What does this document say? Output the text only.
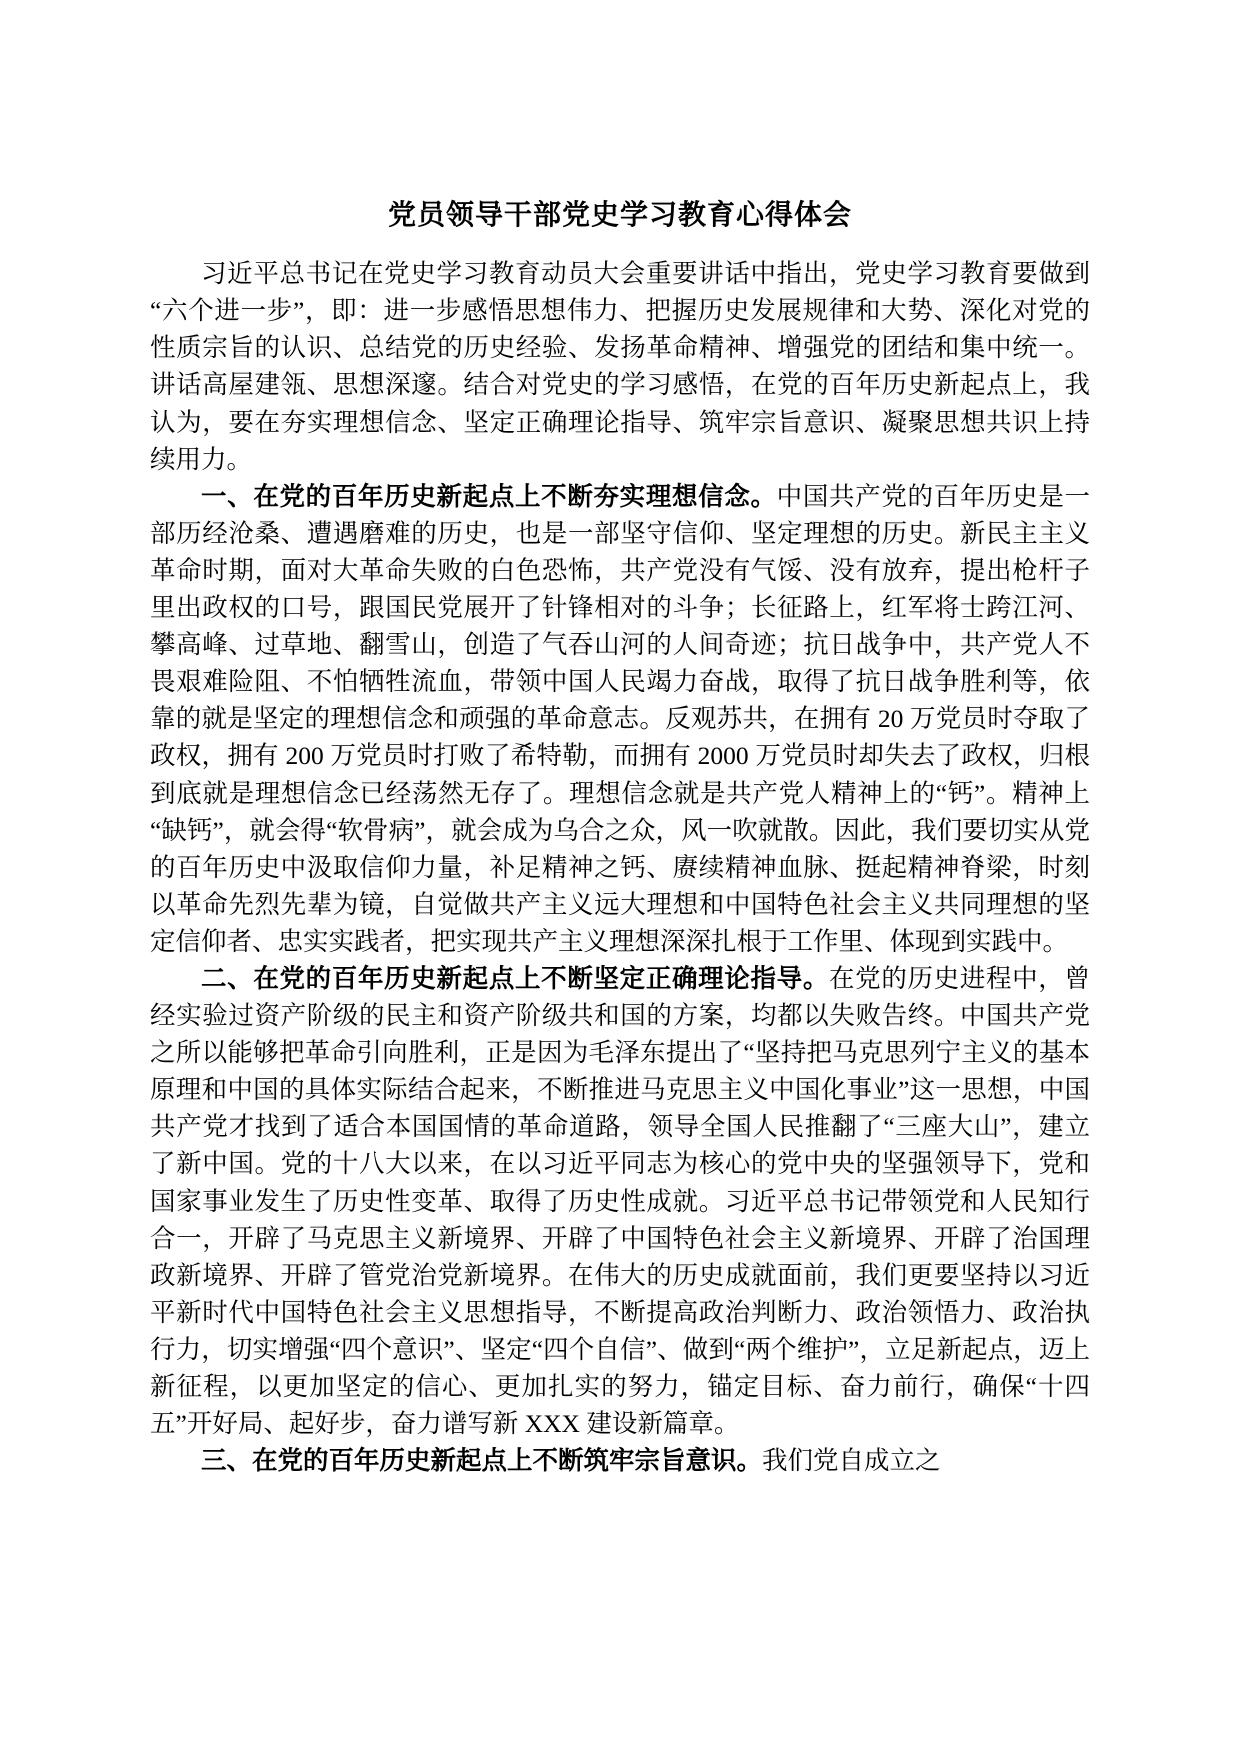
党员领导干部党史学习教育心得体会

习近平总书记在党史学习教育动员大会重要讲话中指出，党史学习教育要做到“六个进一步”，即：进一步感悟思想伟力、把握历史发展规律和大势、深化对党的性质宗旨的认识、总结党的历史经验、发扬革命精神、增强党的团结和集中统一。讲话高屋建瓴、思想深邃。结合对党史的学习感悟，在党的百年历史新起点上，我认为，要在夯实理想信念、坚定正确理论指导、筑牢宗旨意识、凝聚思想共识上持续用力。

一、在党的百年历史新起点上不断夯实理想信念。中国共产党的百年历史是一部历经沧桑、遭遇磨难的历史，也是一部坚守信仰、坚定理想的历史。新民主主义革命时期，面对大革命失败的白色恐怖，共产党没有气馁、没有放弃，提出枪杆子里出政权的口号，跟国民党展开了针锋相对的斗争；长征路上，红军将士跨江河、攀高峰、过草地、翻雪山，创造了气吞山河的人间奇迹；抗日战争中，共产党人不畏艰难险阻、不怕牺牲流血，带领中国人民竭力奋战，取得了抗日战争胜利等，依靠的就是坚定的理想信念和顽强的革命意志。反观苏共，在拥有 20 万党员时夺取了政权，拥有 200 万党员时打败了希特勒，而拥有 2000 万党员时却失去了政权，归根到底就是理想信念已经荡然无存了。理想信念就是共产党人精神上的“钙”。精神上“缺钙”，就会得“软骨病”，就会成为乌合之众，风一吹就散。因此，我们要切实从党的百年历史中汲取信仰力量，补足精神之钙、赓续精神血脉、挺起精神脊梁，时刻以革命先烈先辈为镜，自觉做共产主义远大理想和中国特色社会主义共同理想的坚定信仰者、忠实实践者，把实现共产主义理想深深扎根于工作里、体现到实践中。

二、在党的百年历史新起点上不断坚定正确理论指导。在党的历史进程中，曾经实验过资产阶级的民主和资产阶级共和国的方案，均都以失败告终。中国共产党之所以能够把革命引向胜利，正是因为毛泽东提出了“坚持把马克思列宁主义的基本原理和中国的具体实际结合起来，不断推进马克思主义中国化事业”这一思想，中国共产党才找到了适合本国国情的革命道路，领导全国人民推翻了“三座大山”，建立了新中国。党的十八大以来，在以习近平同志为核心的党中央的坚强领导下，党和国家事业发生了历史性变革、取得了历史性成就。习近平总书记带领党和人民知行合一，开辟了马克思主义新境界、开辟了中国特色社会主义新境界、开辟了治国理政新境界、开辟了管党治党新境界。在伟大的历史成就面前，我们更要坚持以习近平新时代中国特色社会主义思想指导，不断提高政治判断力、政治领悟力、政治执行力，切实增强“四个意识”、坚定“四个自信”、做到“两个维护”，立足新起点，迈上新征程，以更加坚定的信心、更加扎实的努力，锚定目标、奋力前行，确保“十四五”开好局、起好步，奋力谱写新 XXX 建设新篇章。

三、在党的百年历史新起点上不断筑牢宗旨意识。我们党自成立之
